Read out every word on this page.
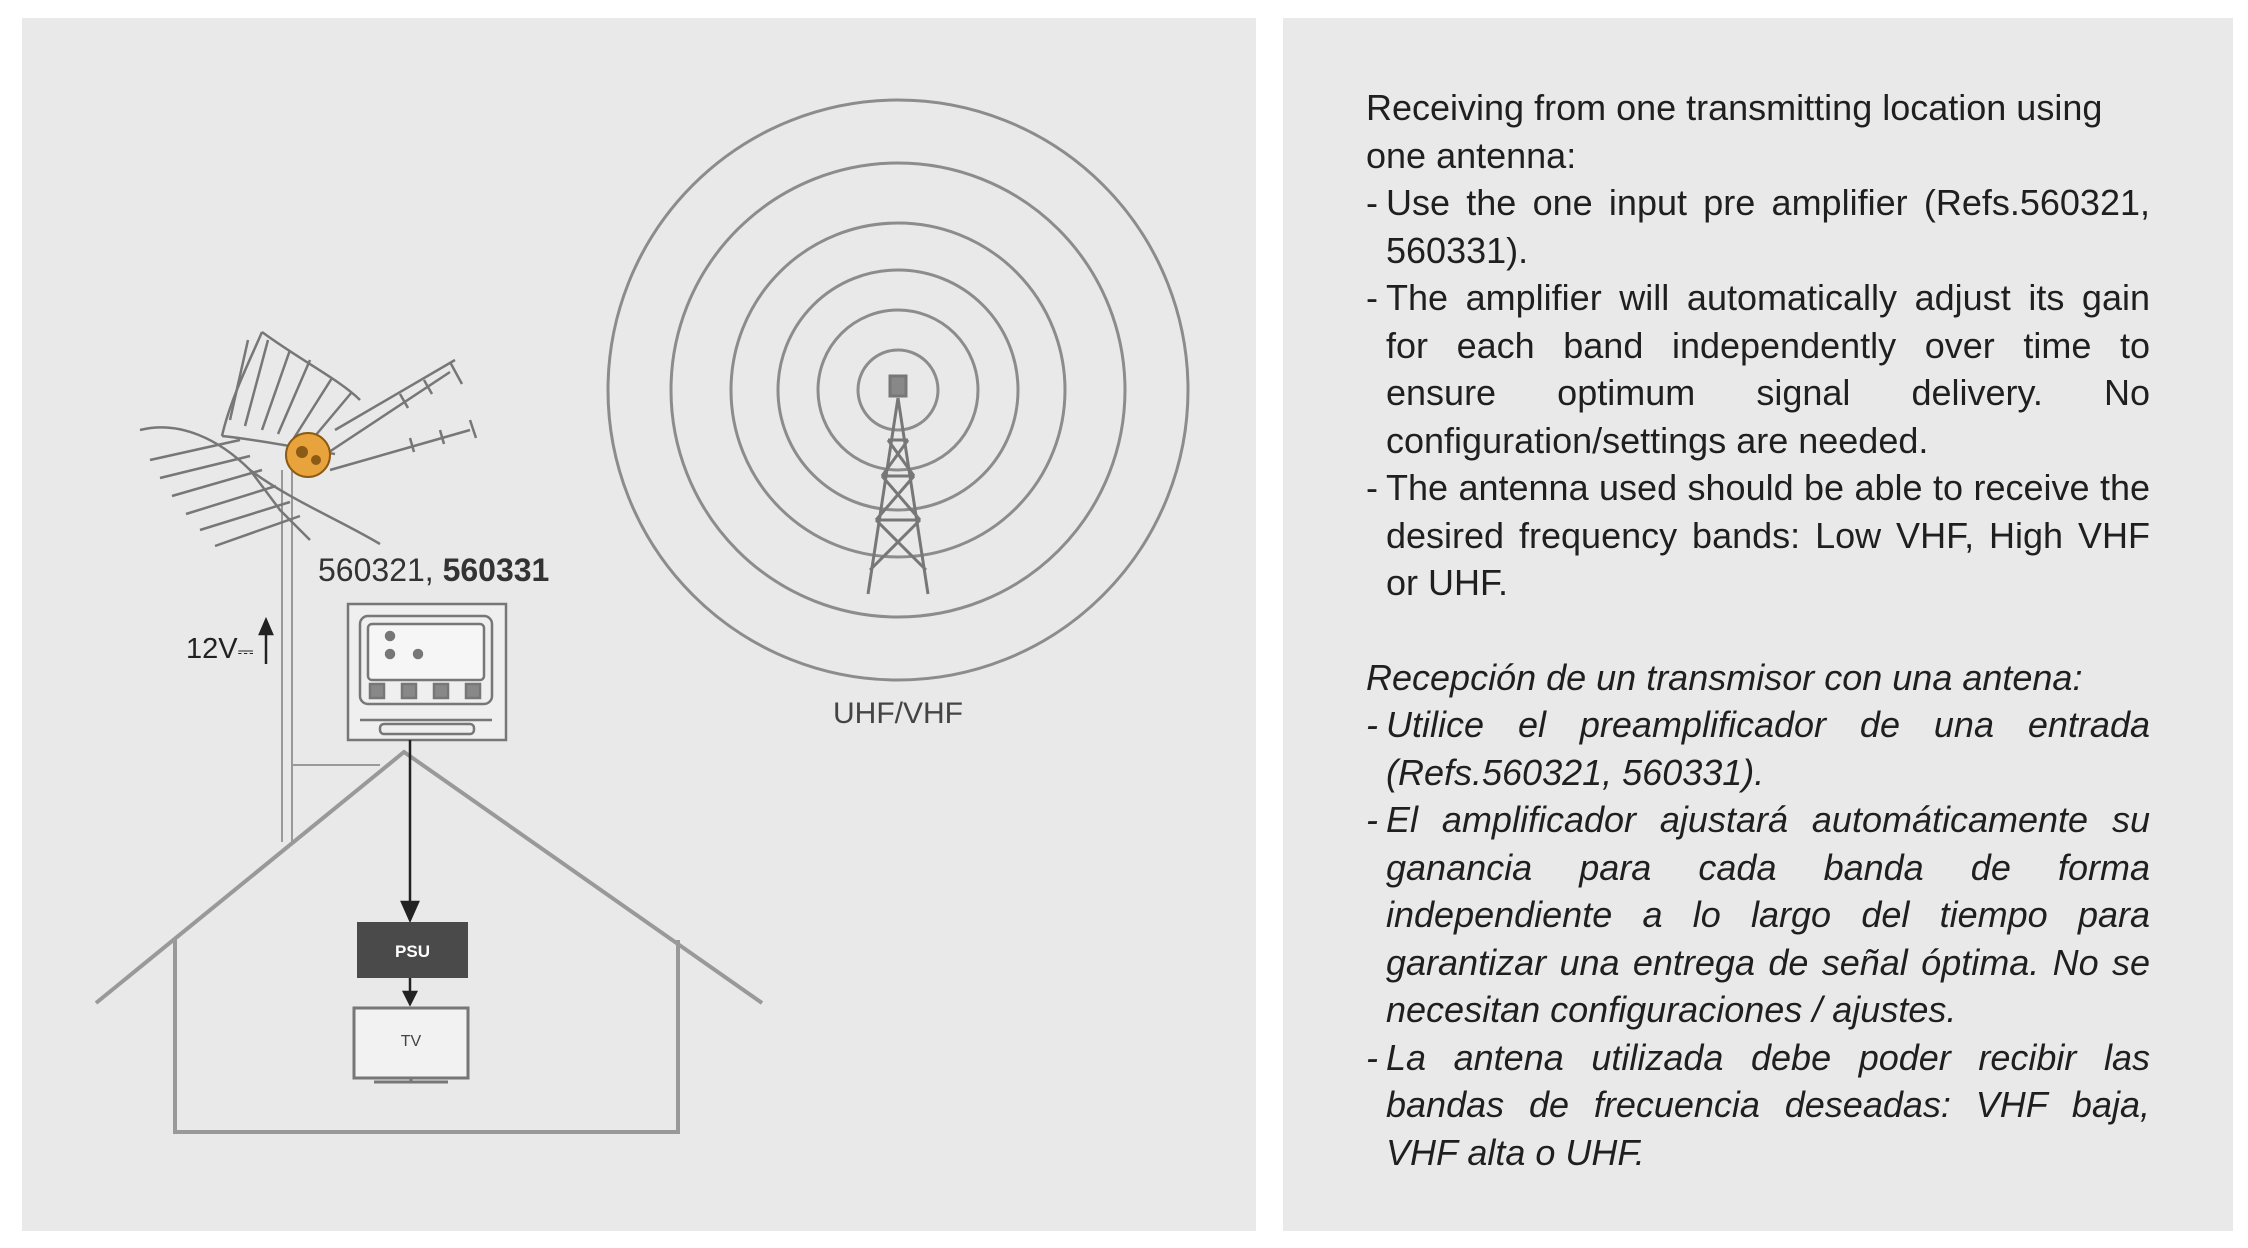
560321, 560331
12V⎓
PSU
TV
UHF/VHF

Receiving from one transmitting location using one antenna:

- Use the one input pre amplifier (Refs.560321, 560331).
- The amplifier will automatically adjust its gain for each band independently over time to ensure optimum signal delivery. No configuration/settings are needed.
- The antenna used should be able to receive the desired frequency bands: Low VHF, High VHF or UHF.

Recepción de un transmisor con una antena:

- Utilice el preamplificador de una entrada (Refs.560321, 560331).
- El amplificador ajustará automáticamente su ganancia para cada banda de forma independiente a lo largo del tiempo para garantizar una entrega de señal óptima. No se necesitan configuraciones / ajustes.
- La antena utilizada debe poder recibir las bandas de frecuencia deseadas: VHF baja, VHF alta o UHF.
